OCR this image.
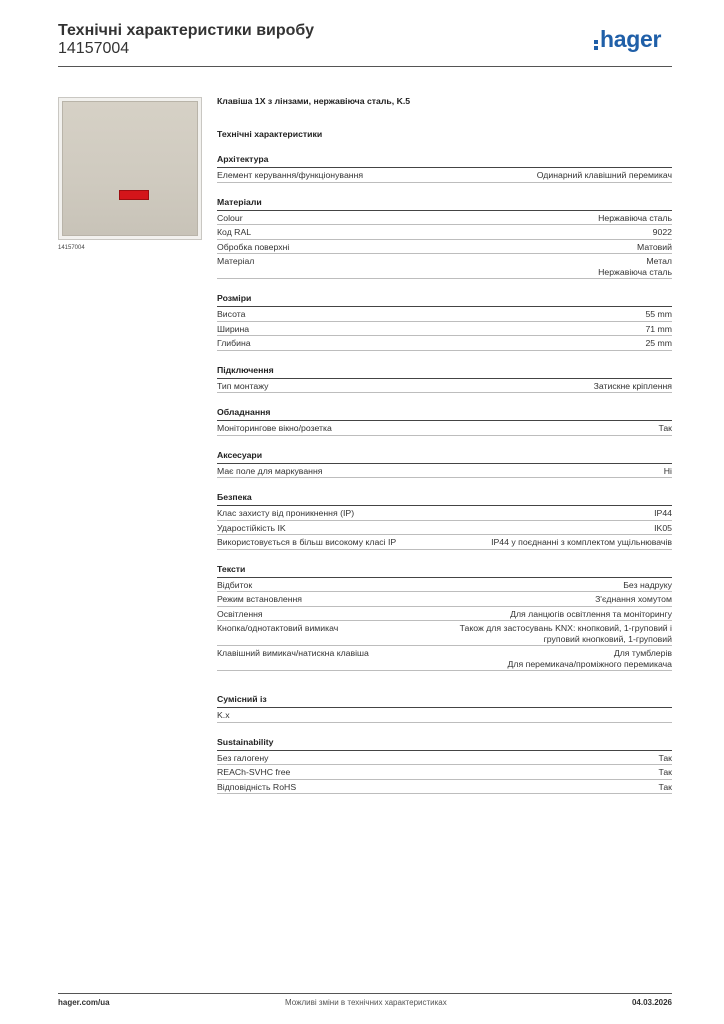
Технічні характеристики виробу
14157004	hager
14157004
Клавіша 1X з лінзами, нержавіюча сталь, K.5
Технічні характеристики
Архітектура
Елемент керування/функціонування	Одинарний клавішний перемикач
Матеріали
Colour	Нержавіюча сталь
Код RAL	9022
Обробка поверхні	Матовий
Матеріал	Метал
Нержавіюча сталь
Розміри
Висота	55 mm
Ширина	71 mm
Глибина	25 mm
Підключення
Тип монтажу	Затискне кріплення
Обладнання
Моніторингове вікно/розетка	Так
Аксесуари
Має поле для маркування	Ні
Безпека
Клас захисту від проникнення (IP)	IP44
Ударостійкість IK	IK05
Використовується в більш високому класі IP	IP44 у поєднанні з комплектом ущільнювачів
Тексти
Відбиток	Без надруку
Режим встановлення	З'єднання хомутом
Освітлення	Для ланцюгів освітлення та моніторингу
Кнопка/однотактовий вимикач	Також для застосувань KNX: кнопковий, 1-груповий і
груповий кнопковий, 1-груповий
Клавішний вимикач/натискна клавіша	Для тумблерів
Для перемикача/проміжного перемикача
Сумісний із
K.x
Sustainability
Без галогену	Так
REACh-SVHC free	Так
Відповідність RoHS	Так
hager.com/ua	Можливі зміни в технічних характеристиках	04.03.2026
